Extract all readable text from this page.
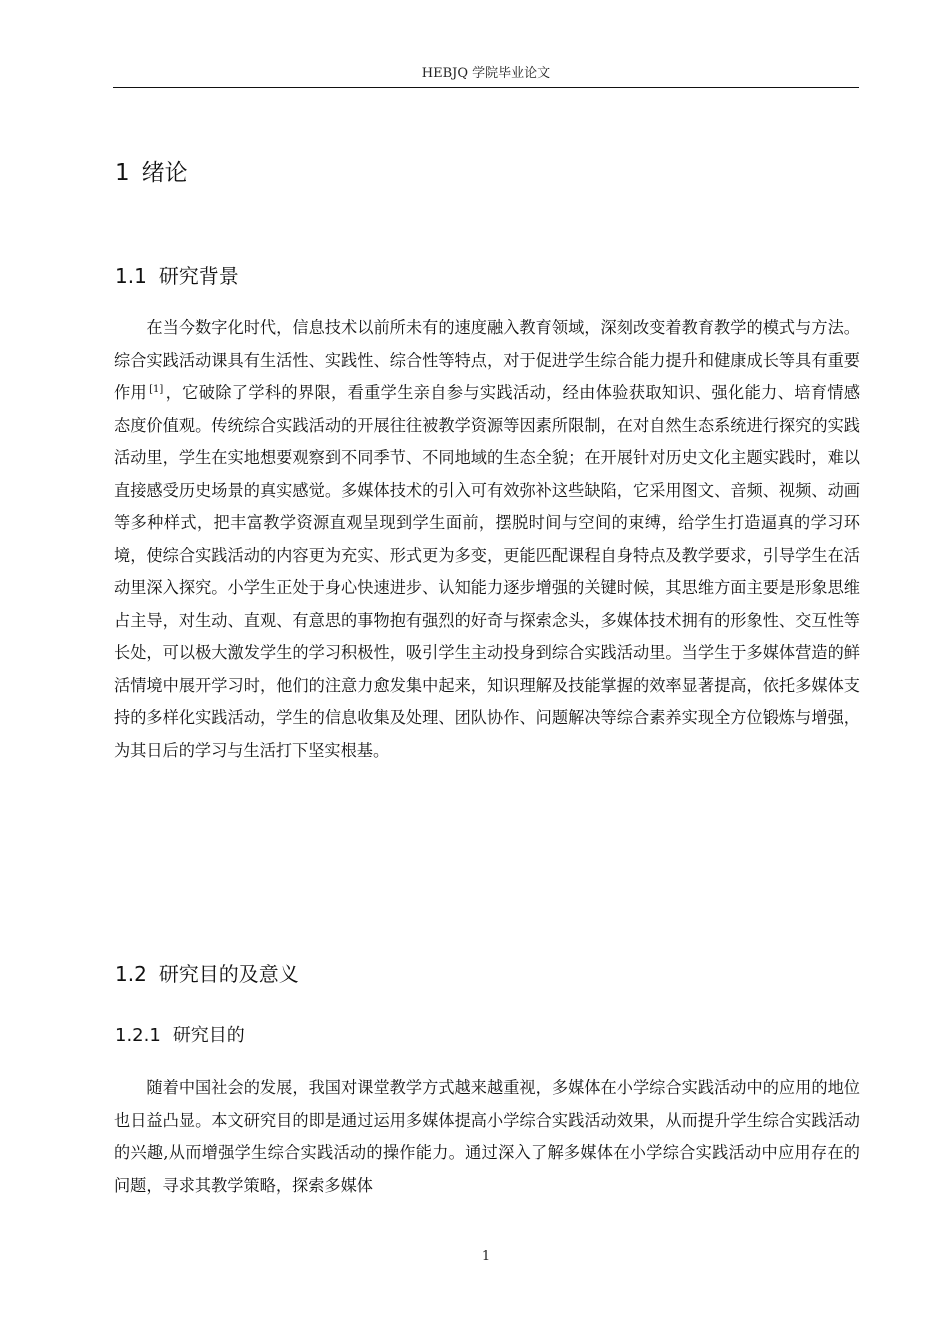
HEBJQ 学院毕业论文
1 绪论
1.1 研究背景

在当今数字化时代，信息技术以前所未有的速度融入教育领域，深刻改变着教育教学的模式与方法。综合实践活动课具有生活性、实践性、综合性等特点，对于促进学生综合能力提升和健康成长等具有重要作用 [1] ，它破除了学科的界限，看重学生亲自参与实践活动，经由体验获取知识、强化能力、培育情感态度价值观。传统综合实践活动的开展往往被教学资源等因素所限制，在对自然生态系统进行探究的实践活动里，学生在实地想要观察到不同季节、不同地域的生态全貌；在开展针对历史文化主题实践时，难以直接感受历史场景的真实感觉。多媒体技术的引入可有效弥补这些缺陷，它采用图文、音频、视频、动画等多种样式，把丰富教学资源直观呈现到学生面前，摆脱时间与空间的束缚，给学生打造逼真的学习环境，使综合实践活动的内容更为充实、形式更为多变，更能匹配课程自身特点及教学要求，引导学生在活动里深入探究。小学生正处于身心快速进步、认知能力逐步增强的关键时候，其思维方面主要是形象思维占主导，对生动、直观、有意思的事物抱有强烈的好奇与探索念头，多媒体技术拥有的形象性、交互性等长处，可以极大激发学生的学习积极性，吸引学生主动投身到综合实践活动里。当学生于多媒体营造的鲜活情境中展开学习时，他们的注意力愈发集中起来，知识理解及技能掌握的效率显著提高，依托多媒体支持的多样化实践活动，学生的信息收集及处理、团队协作、问题解决等综合素养实现全方位锻炼与增强，为其日后的学习与生活打下坚实根基。

1.2 研究目的及意义
1.2.1 研究目的

随着中国社会的发展，我国对课堂教学方式越来越重视，多媒体在小学综合实践活动中的应用的地位也日益凸显。本文研究目的即是通过运用多媒体提高小学综合实践活动效果，从而提升学生综合实践活动的兴趣,从而增强学生综合实践活动的操作能力。通过深入了解多媒体在小学综合实践活动中应用存在的问题，寻求其教学策略，探索多媒体

1
